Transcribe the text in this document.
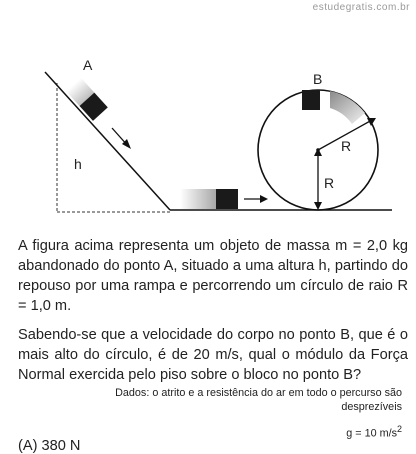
estudegratis.com.br
A
h
B
R
R

A figura acima representa um objeto de massa m = 2,0 kg abandonado do ponto A, situado a uma altura h, partindo do repouso por uma rampa e percorrendo um círculo de raio R = 1,0 m.

Sabendo-se que a velocidade do corpo no ponto B, que é o mais alto do círculo, é de 20 m/s, qual o módulo da Força Normal exercida pelo piso sobre o bloco no ponto B?

Dados: o atrito e a resistência do ar em todo o percurso são desprezíveis
g = 10 $m/s^2$

(A) 380 N
